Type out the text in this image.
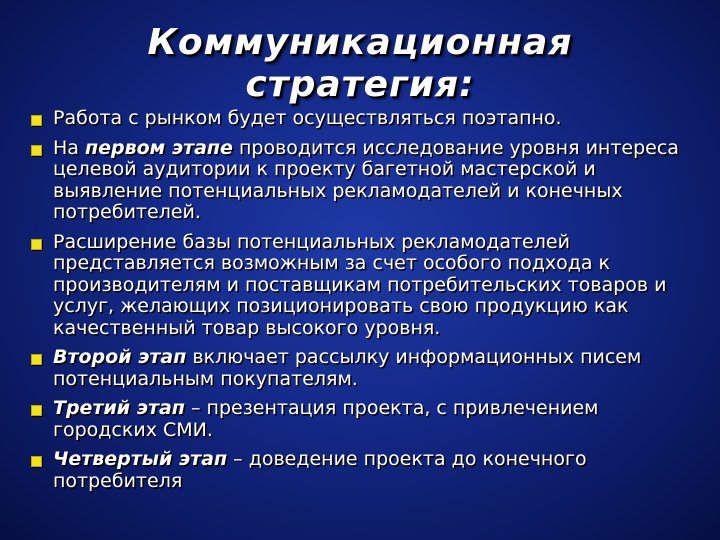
Коммуникационная
стратегия:
Работа с рынком будет осуществляться поэтапно.
На первом этапе проводится исследование уровня интереса целевой аудитории к проекту багетной мастерской и выявление потенциальных рекламодателей и конечных потребителей.
Расширение базы потенциальных рекламодателей представляется возможным за счет особого подхода к производителям и поставщикам потребительских товаров и услуг, желающих позиционировать свою продукцию как качественный товар высокого уровня.
Второй этап включает рассылку информационных писем потенциальным покупателям.
Третий этап – презентация проекта, с привлечением городских СМИ.
Четвертый этап – доведение проекта до конечного потребителя
